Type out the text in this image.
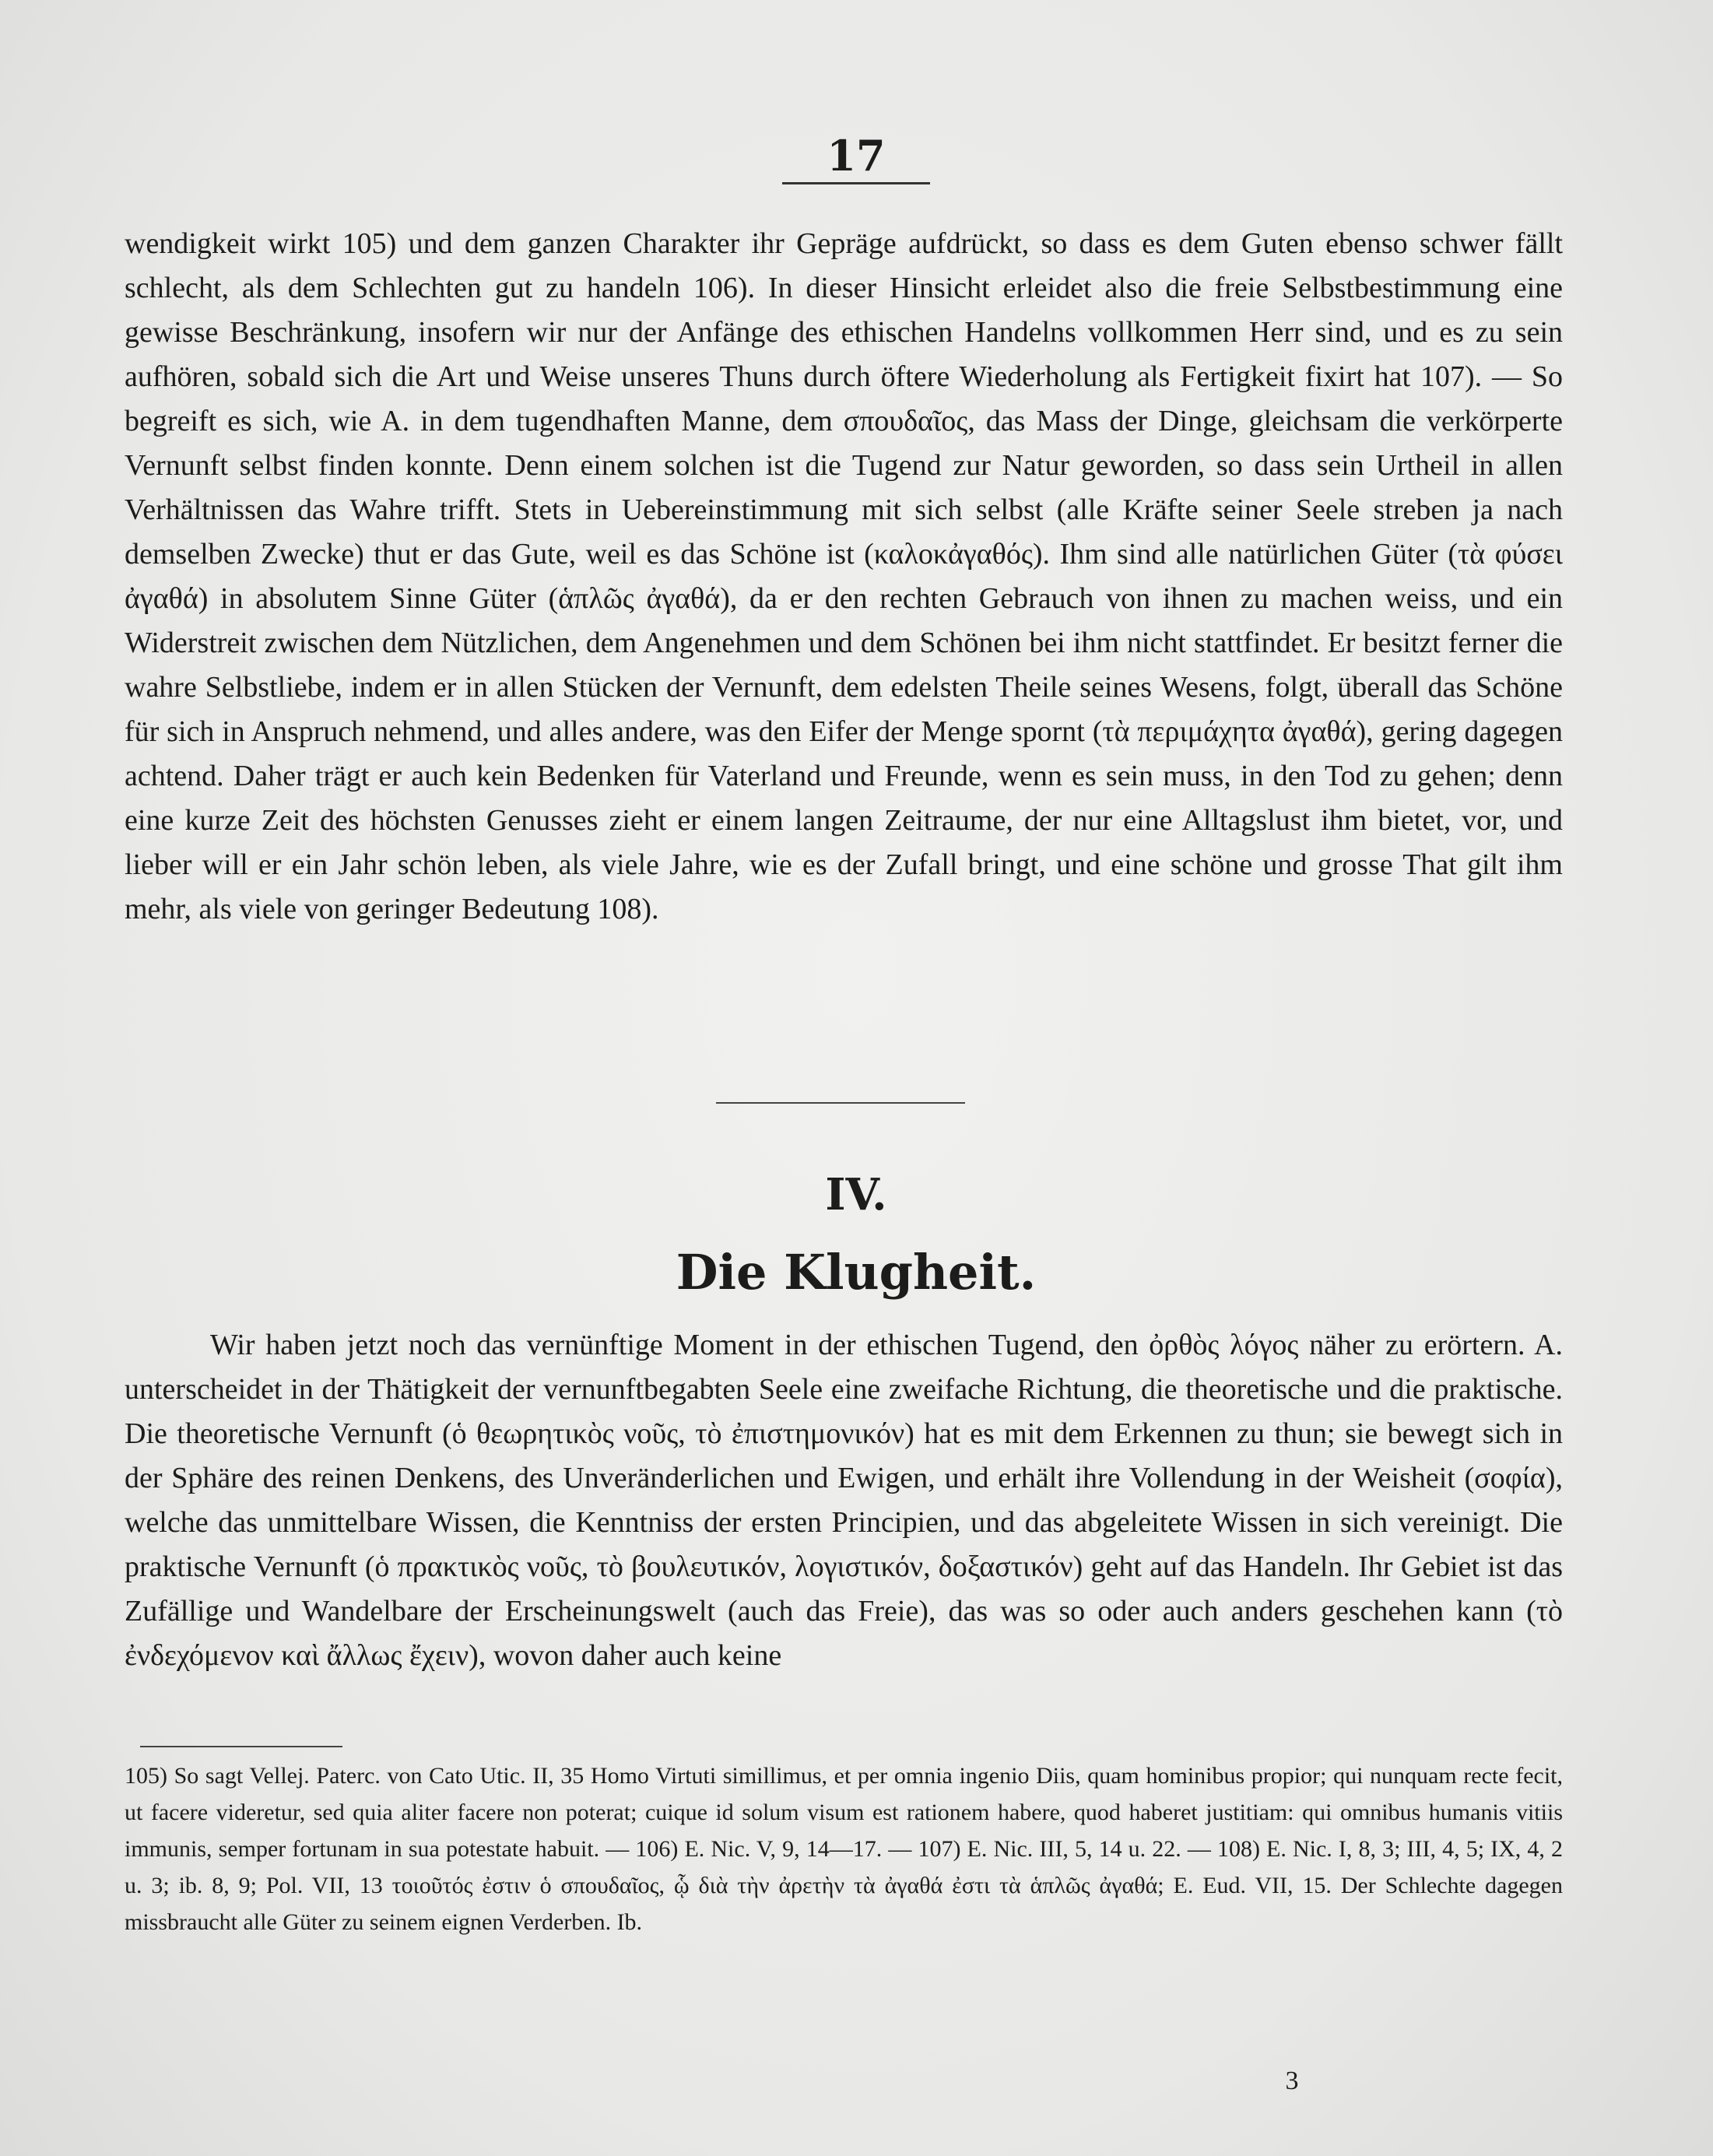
17

wendigkeit wirkt 105) und dem ganzen Charakter ihr Gepräge aufdrückt, so dass es dem Guten ebenso schwer fällt schlecht, als dem Schlechten gut zu handeln 106). In dieser Hinsicht erleidet also die freie Selbstbestimmung eine gewisse Beschränkung, insofern wir nur der Anfänge des ethischen Handelns vollkommen Herr sind, und es zu sein aufhören, sobald sich die Art und Weise unseres Thuns durch öftere Wiederholung als Fertigkeit fixirt hat 107). — So begreift es sich, wie A. in dem tugendhaften Manne, dem σπουδαῖος, das Mass der Dinge, gleichsam die verkörperte Vernunft selbst finden konnte. Denn einem solchen ist die Tugend zur Natur geworden, so dass sein Urtheil in allen Verhältnissen das Wahre trifft. Stets in Uebereinstimmung mit sich selbst (alle Kräfte seiner Seele streben ja nach demselben Zwecke) thut er das Gute, weil es das Schöne ist (καλοκἀγαθός). Ihm sind alle natürlichen Güter (τὰ φύσει ἀγαθά) in absolutem Sinne Güter (ἁπλῶς ἀγαθά), da er den rechten Gebrauch von ihnen zu machen weiss, und ein Widerstreit zwischen dem Nützlichen, dem Angenehmen und dem Schönen bei ihm nicht stattfindet. Er besitzt ferner die wahre Selbstliebe, indem er in allen Stücken der Vernunft, dem edelsten Theile seines Wesens, folgt, überall das Schöne für sich in Anspruch nehmend, und alles andere, was den Eifer der Menge spornt (τὰ περιμάχητα ἀγαθά), gering dagegen achtend. Daher trägt er auch kein Bedenken für Vaterland und Freunde, wenn es sein muss, in den Tod zu gehen; denn eine kurze Zeit des höchsten Genusses zieht er einem langen Zeitraume, der nur eine Alltagslust ihm bietet, vor, und lieber will er ein Jahr schön leben, als viele Jahre, wie es der Zufall bringt, und eine schöne und grosse That gilt ihm mehr, als viele von geringer Bedeutung 108).

IV.
Die Klugheit.

Wir haben jetzt noch das vernünftige Moment in der ethischen Tugend, den ὀρθὸς λόγος näher zu erörtern. A. unterscheidet in der Thätigkeit der vernunftbegabten Seele eine zweifache Richtung, die theoretische und die praktische. Die theoretische Vernunft (ὁ θεωρητικὸς νοῦς, τὸ ἐπιστημονικόν) hat es mit dem Erkennen zu thun; sie bewegt sich in der Sphäre des reinen Denkens, des Unveränderlichen und Ewigen, und erhält ihre Vollendung in der Weisheit (σοφία), welche das unmittelbare Wissen, die Kenntniss der ersten Principien, und das abgeleitete Wissen in sich vereinigt. Die praktische Vernunft (ὁ πρακτικὸς νοῦς, τὸ βουλευτικόν, λογιστικόν, δοξαστικόν) geht auf das Handeln. Ihr Gebiet ist das Zufällige und Wandelbare der Erscheinungswelt (auch das Freie), das was so oder auch anders geschehen kann (τὸ ἐνδεχόμενον καὶ ἄλλως ἔχειν), wovon daher auch keine

105) So sagt Vellej. Paterc. von Cato Utic. II, 35 Homo Virtuti simillimus, et per omnia ingenio Diis, quam hominibus propior; qui nunquam recte fecit, ut facere videretur, sed quia aliter facere non poterat; cuique id solum visum est rationem habere, quod haberet justitiam: qui omnibus humanis vitiis immunis, semper fortunam in sua potestate habuit. — 106) E. Nic. V, 9, 14—17. — 107) E. Nic. III, 5, 14 u. 22. — 108) E. Nic. I, 8, 3; III, 4, 5; IX, 4, 2 u. 3; ib. 8, 9; Pol. VII, 13 τοιοῦτός ἐστιν ὁ σπουδαῖος, ᾧ διὰ τὴν ἀρετὴν τὰ ἀγαθά ἐστι τὰ ἁπλῶς ἀγαθά; E. Eud. VII, 15. Der Schlechte dagegen missbraucht alle Güter zu seinem eignen Verderben. Ib.
3
